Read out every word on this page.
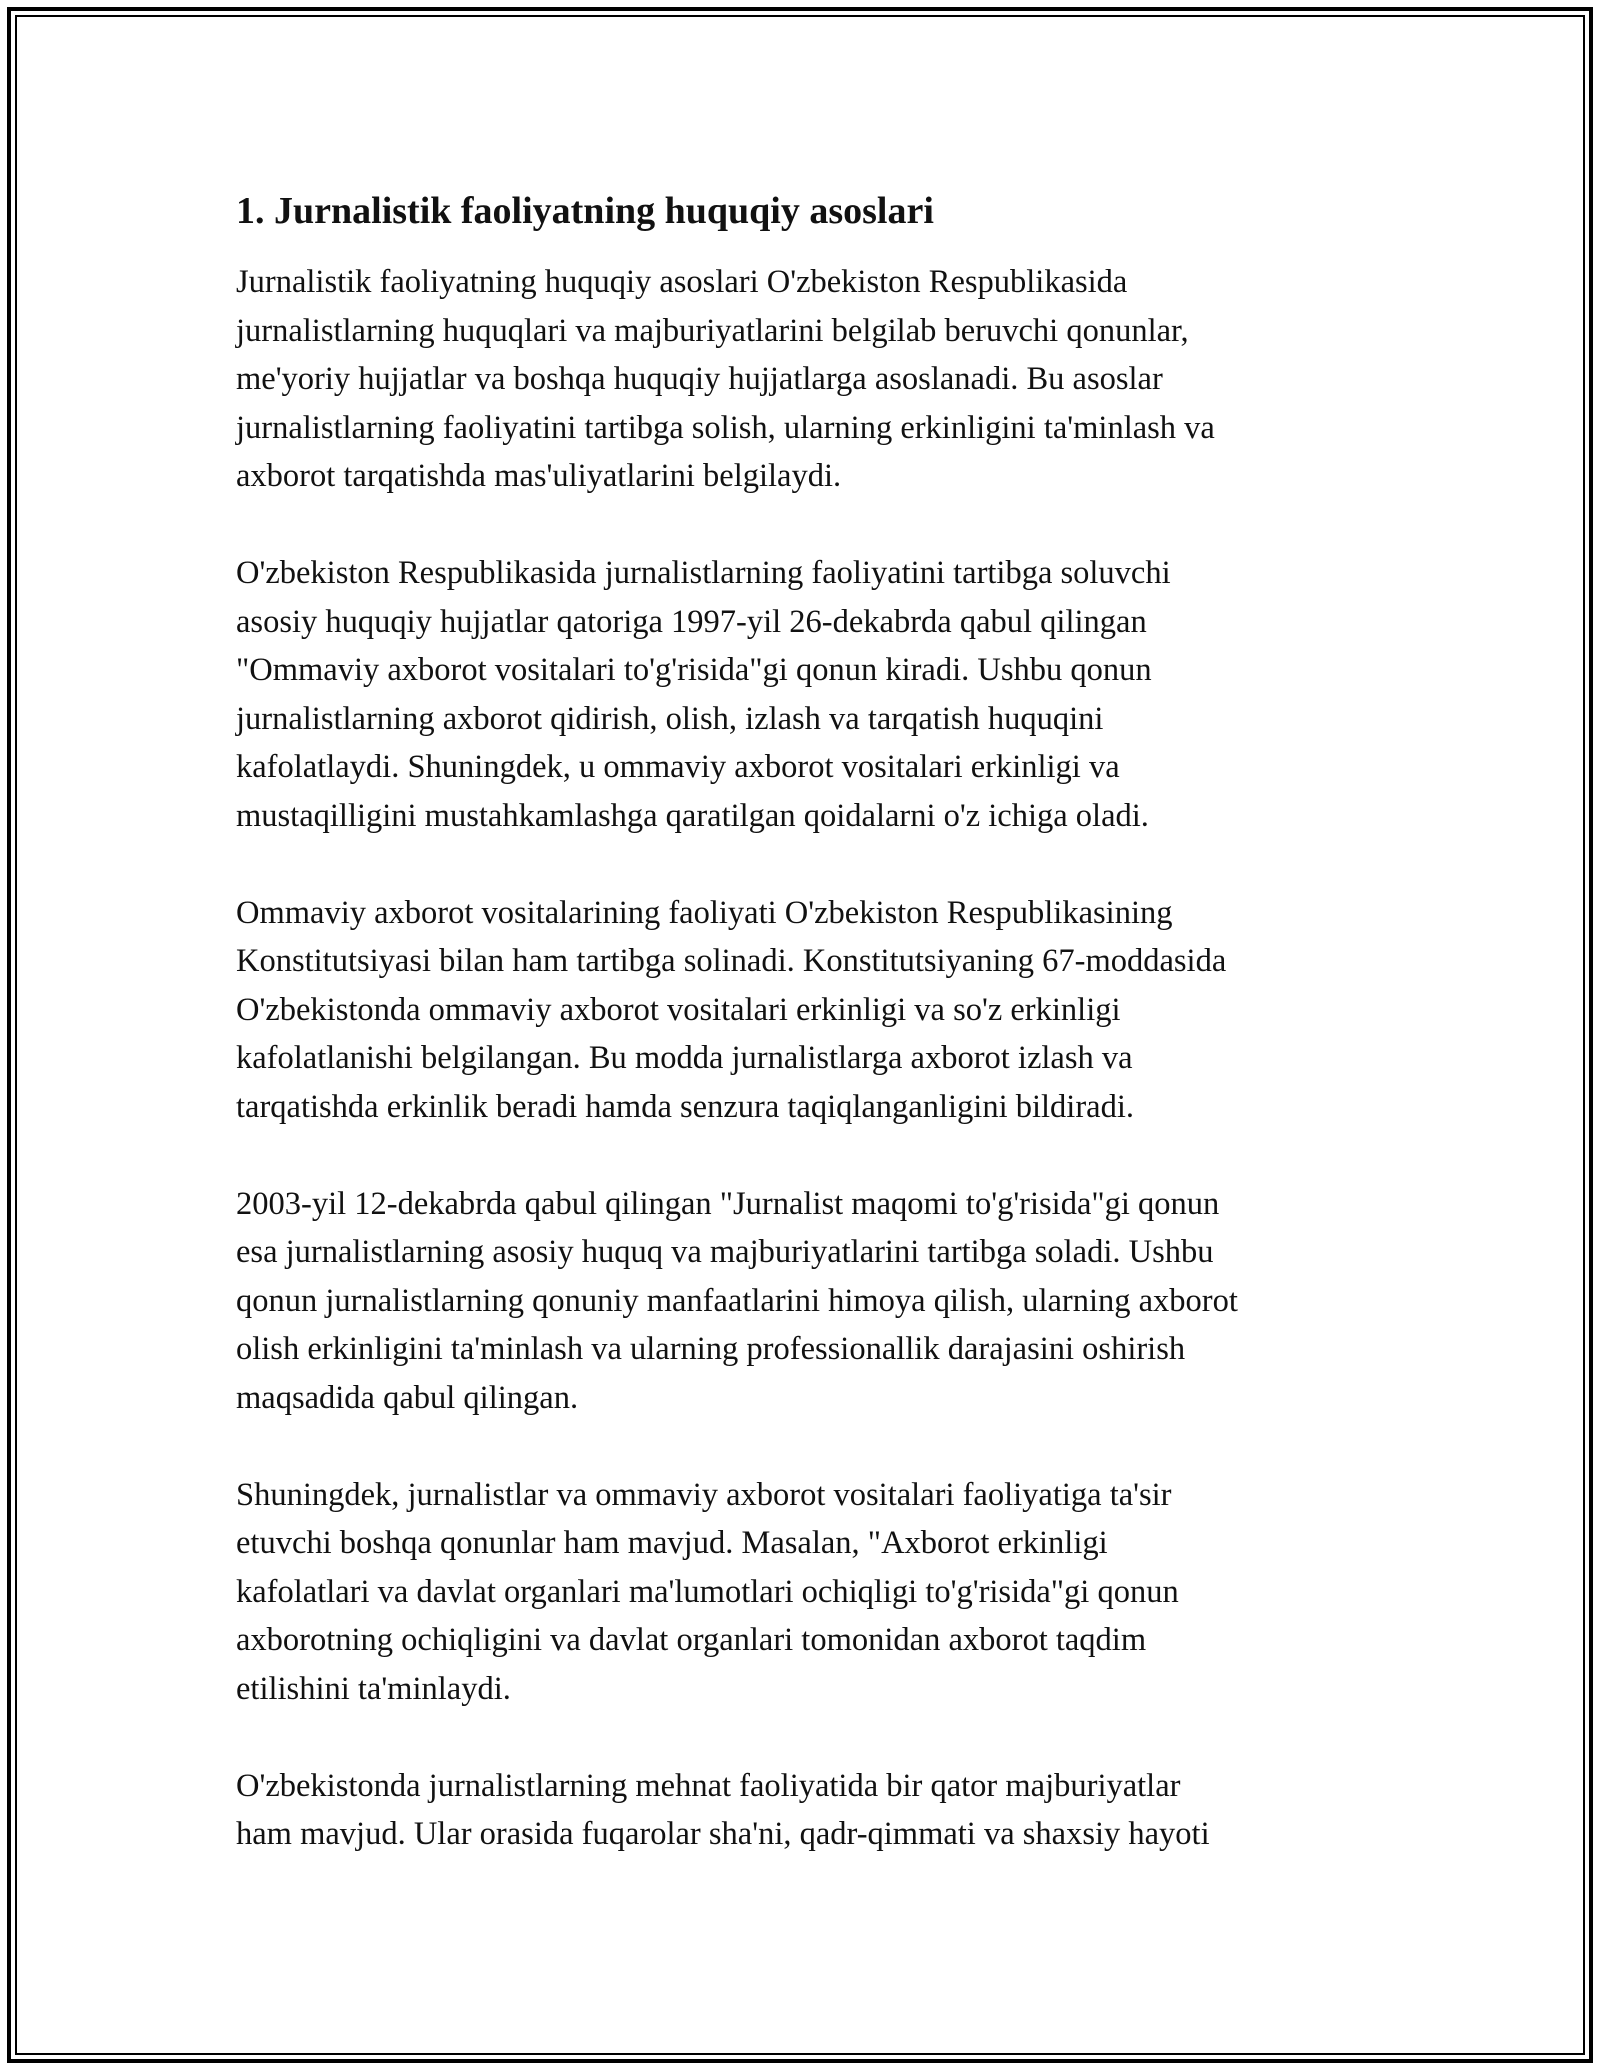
1. Jurnalistik faoliyatning huquqiy asoslari

Jurnalistik faoliyatning huquqiy asoslari O'zbekiston Respublikasida
jurnalistlarning huquqlari va majburiyatlarini belgilab beruvchi qonunlar,
me'yoriy hujjatlar va boshqa huquqiy hujjatlarga asoslanadi. Bu asoslar
jurnalistlarning faoliyatini tartibga solish, ularning erkinligini ta'minlash va
axborot tarqatishda mas'uliyatlarini belgilaydi.

O'zbekiston Respublikasida jurnalistlarning faoliyatini tartibga soluvchi
asosiy huquqiy hujjatlar qatoriga 1997-yil 26-dekabrda qabul qilingan
"Ommaviy axborot vositalari to'g'risida"gi qonun kiradi. Ushbu qonun
jurnalistlarning axborot qidirish, olish, izlash va tarqatish huquqini
kafolatlaydi. Shuningdek, u ommaviy axborot vositalari erkinligi va
mustaqilligini mustahkamlashga qaratilgan qoidalarni o'z ichiga oladi.

Ommaviy axborot vositalarining faoliyati O'zbekiston Respublikasining
Konstitutsiyasi bilan ham tartibga solinadi. Konstitutsiyaning 67-moddasida
O'zbekistonda ommaviy axborot vositalari erkinligi va so'z erkinligi
kafolatlanishi belgilangan. Bu modda jurnalistlarga axborot izlash va
tarqatishda erkinlik beradi hamda senzura taqiqlanganligini bildiradi.

2003-yil 12-dekabrda qabul qilingan "Jurnalist maqomi to'g'risida"gi qonun
esa jurnalistlarning asosiy huquq va majburiyatlarini tartibga soladi. Ushbu
qonun jurnalistlarning qonuniy manfaatlarini himoya qilish, ularning axborot
olish erkinligini ta'minlash va ularning professionallik darajasini oshirish
maqsadida qabul qilingan.

Shuningdek, jurnalistlar va ommaviy axborot vositalari faoliyatiga ta'sir
etuvchi boshqa qonunlar ham mavjud. Masalan, "Axborot erkinligi
kafolatlari va davlat organlari ma'lumotlari ochiqligi to'g'risida"gi qonun
axborotning ochiqligini va davlat organlari tomonidan axborot taqdim
etilishini ta'minlaydi.

O'zbekistonda jurnalistlarning mehnat faoliyatida bir qator majburiyatlar
ham mavjud. Ular orasida fuqarolar sha'ni, qadr-qimmati va shaxsiy hayoti
